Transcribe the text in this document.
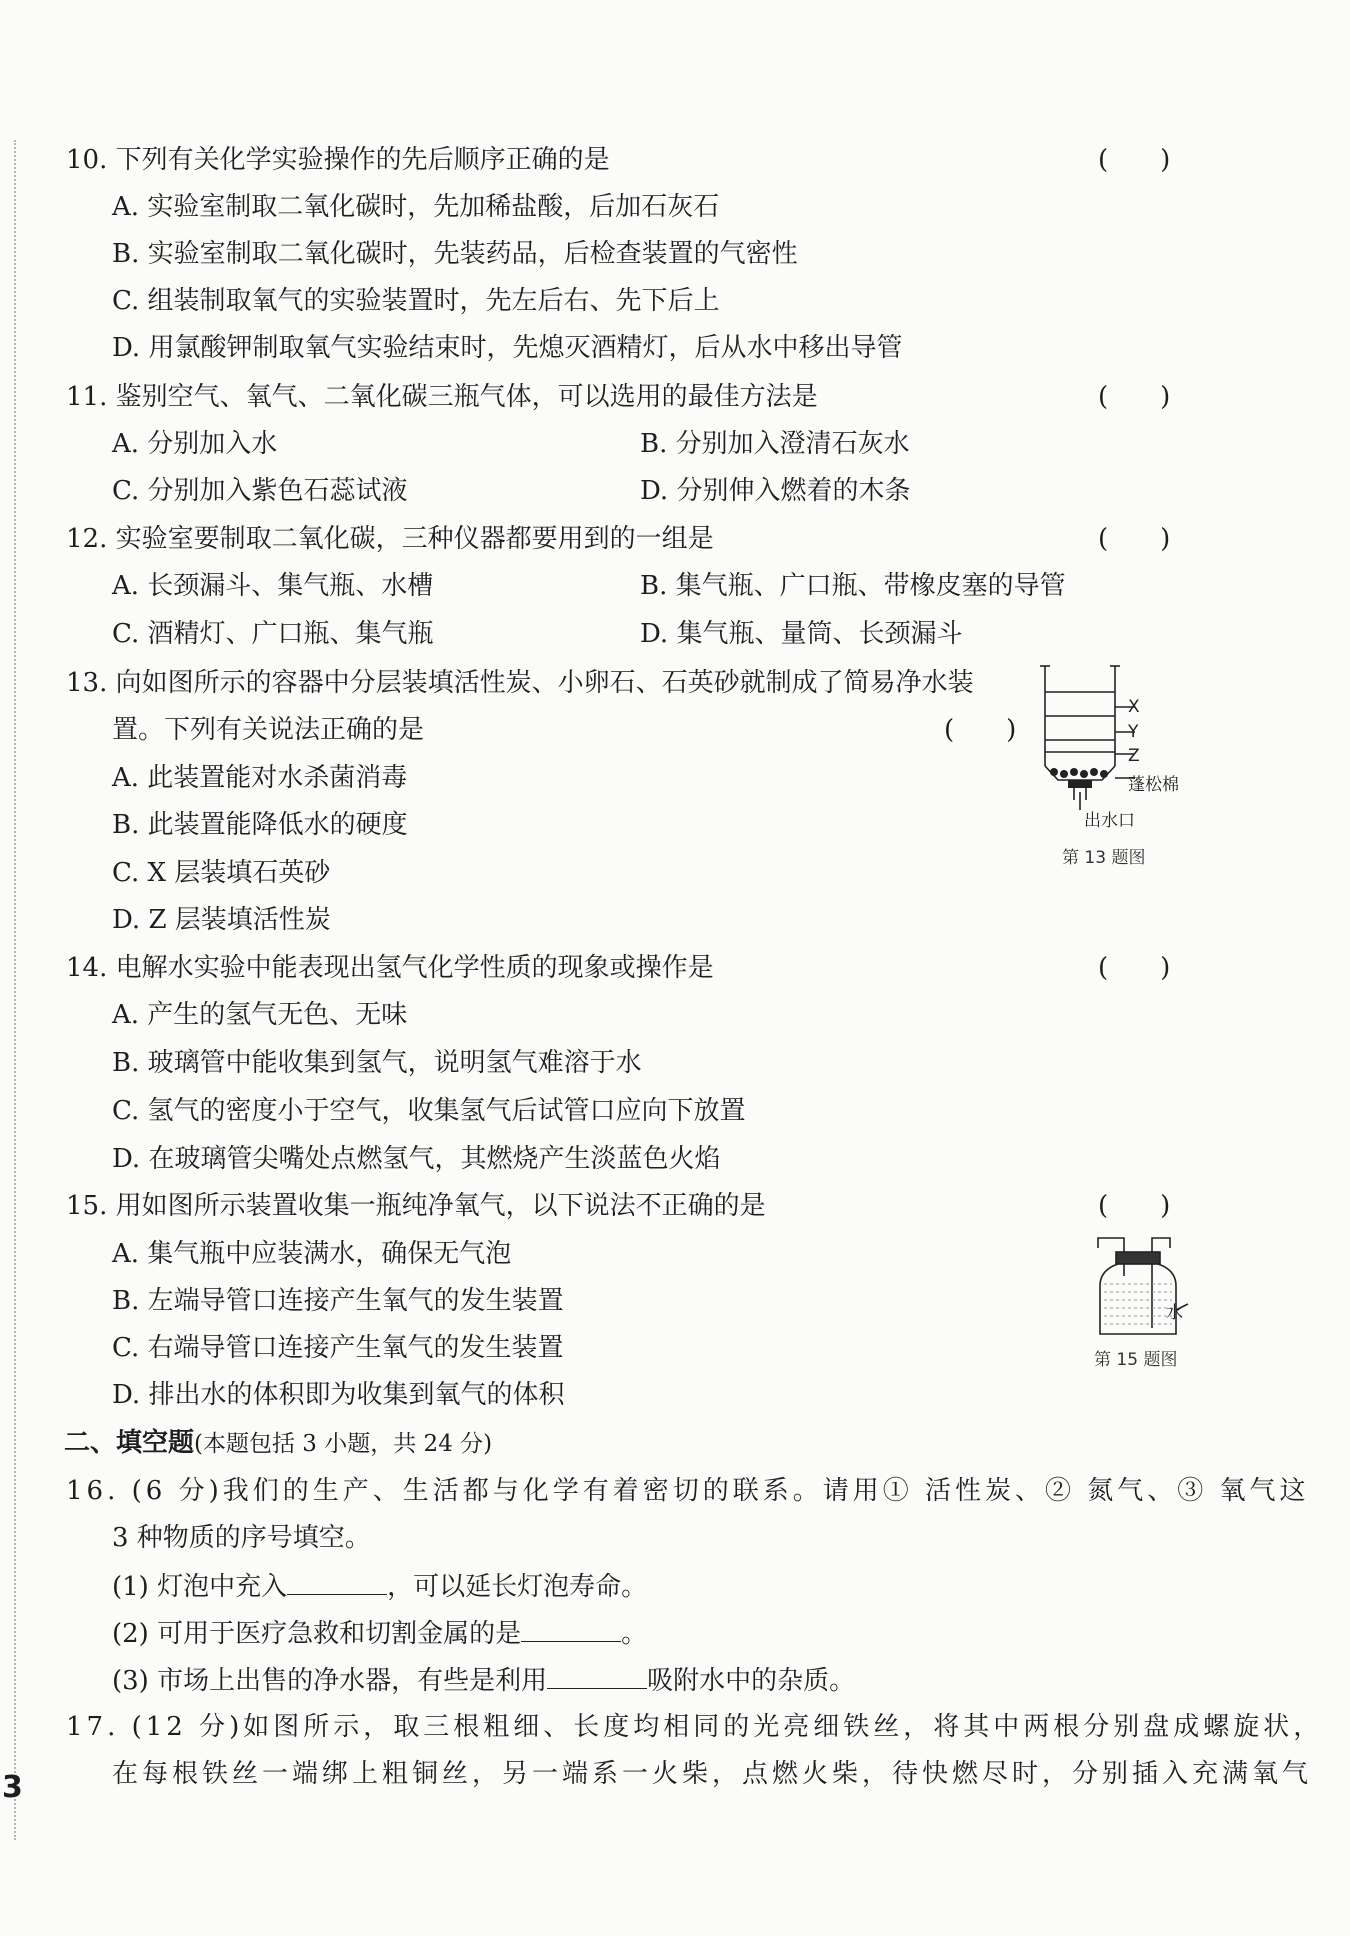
10. 下列有关化学实验操作的先后顺序正确的是	(　　)
A. 实验室制取二氧化碳时，先加稀盐酸，后加石灰石
B. 实验室制取二氧化碳时，先装药品，后检查装置的气密性
C. 组装制取氧气的实验装置时，先左后右、先下后上
D. 用氯酸钾制取氧气实验结束时，先熄灭酒精灯，后从水中移出导管
11. 鉴别空气、氧气、二氧化碳三瓶气体，可以选用的最佳方法是	(　　)
A. 分别加入水	B. 分别加入澄清石灰水
C. 分别加入紫色石蕊试液	D. 分别伸入燃着的木条
12. 实验室要制取二氧化碳，三种仪器都要用到的一组是	(　　)
A. 长颈漏斗、集气瓶、水槽	B. 集气瓶、广口瓶、带橡皮塞的导管
C. 酒精灯、广口瓶、集气瓶	D. 集气瓶、量筒、长颈漏斗
13. 向如图所示的容器中分层装填活性炭、小卵石、石英砂就制成了简易净水装
置。下列有关说法正确的是	(　　)
A. 此装置能对水杀菌消毒
B. 此装置能降低水的硬度
C. X 层装填石英砂
D. Z 层装填活性炭
X
Y
Z
蓬松棉
出水口
第 13 题图
14. 电解水实验中能表现出氢气化学性质的现象或操作是	(　　)
A. 产生的氢气无色、无味
B. 玻璃管中能收集到氢气，说明氢气难溶于水
C. 氢气的密度小于空气，收集氢气后试管口应向下放置
D. 在玻璃管尖嘴处点燃氢气，其燃烧产生淡蓝色火焰
15. 用如图所示装置收集一瓶纯净氧气，以下说法不正确的是	(　　)
A. 集气瓶中应装满水，确保无气泡
B. 左端导管口连接产生氧气的发生装置
C. 右端导管口连接产生氧气的发生装置
D. 排出水的体积即为收集到氧气的体积
水
第 15 题图
二、填空题(本题包括 3 小题，共 24 分)
16. (6 分)我们的生产、生活都与化学有着密切的联系。请用① 活性炭、② 氮气、③ 氧气这
3 种物质的序号填空。
(1) 灯泡中充入	，可以延长灯泡寿命。
(2) 可用于医疗急救和切割金属的是	。
(3) 市场上出售的净水器，有些是利用	吸附水中的杂质。
17. (12 分)如图所示，取三根粗细、长度均相同的光亮细铁丝，将其中两根分别盘成螺旋状，
在每根铁丝一端绑上粗铜丝，另一端系一火柴，点燃火柴，待快燃尽时，分别插入充满氧气
3
